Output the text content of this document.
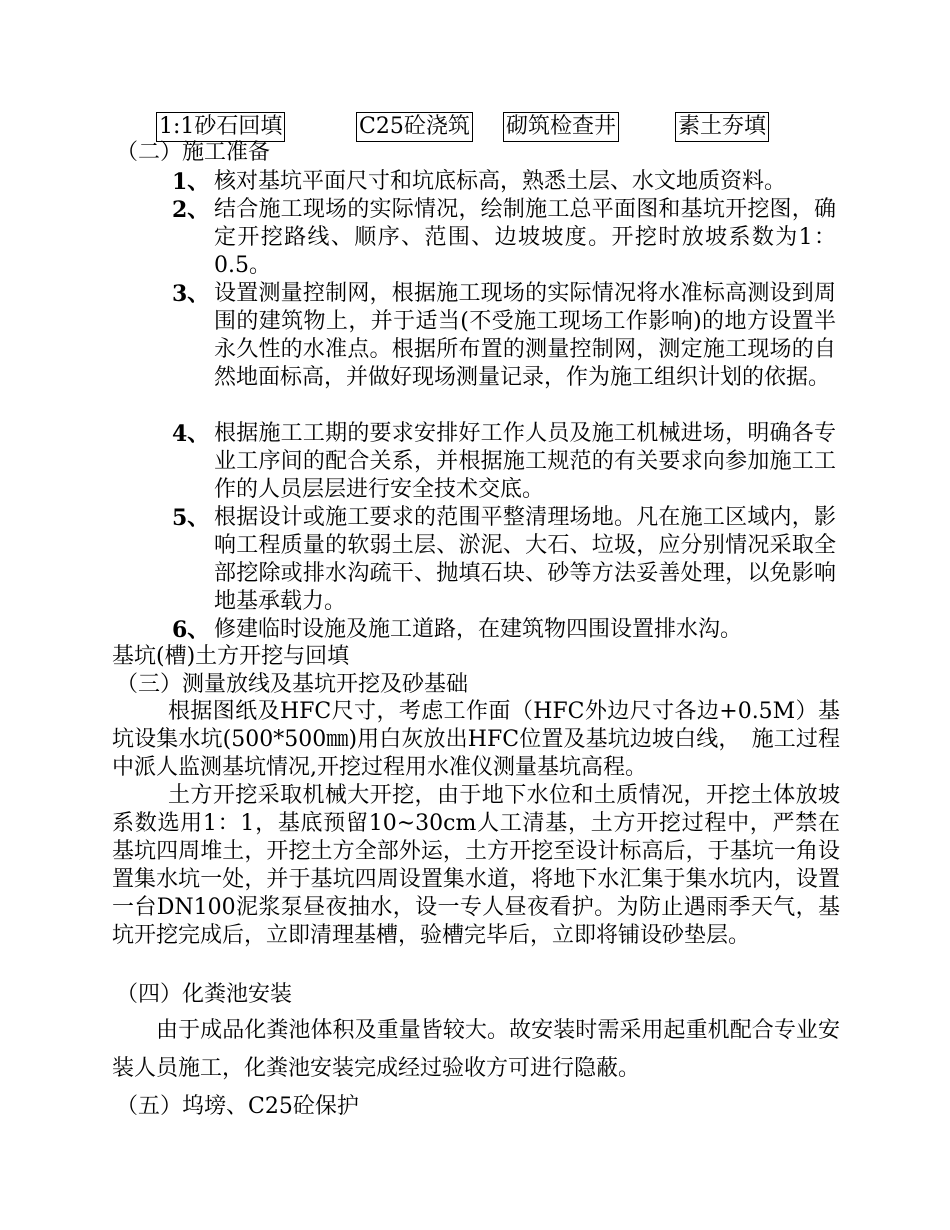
1:1砂石回填	C25砼浇筑 砌筑检查井	素土夯填
（二）施工准备
1、 核对基坑平面尺寸和坑底标高，熟悉土层、水文地质资料。
2、 结合施工现场的实际情况，绘制施工总平面图和基坑开挖图，确定开挖路线、顺序、范围、边坡坡度。开挖时放坡系数为1：0.5。
3、 设置测量控制网，根据施工现场的实际情况将水准标高测设到周围的建筑物上，并于适当(不受施工现场工作影响)的地方设置半永久性的水准点。根据所布置的测量控制网，测定施工现场的自然地面标高，并做好现场测量记录，作为施工组织计划的依据。
4、 根据施工工期的要求安排好工作人员及施工机械进场，明确各专业工序间的配合关系，并根据施工规范的有关要求向参加施工工作的人员层层进行安全技术交底。
5、 根据设计或施工要求的范围平整清理场地。凡在施工区域内，影响工程质量的软弱土层、淤泥、大石、垃圾，应分别情况采取全部挖除或排水沟疏干、抛填石块、砂等方法妥善处理，以免影响地基承载力。
6、 修建临时设施及施工道路，在建筑物四围设置排水沟。
基坑(槽)土方开挖与回填
（三）测量放线及基坑开挖及砂基础
根据图纸及HFC尺寸，考虑工作面（HFC外边尺寸各边+0.5M）基坑设集水坑(500*500㎜)用白灰放出HFC位置及基坑边坡白线，　施工过程中派人监测基坑情况,开挖过程用水准仪测量基坑高程。
土方开挖采取机械大开挖，由于地下水位和土质情况，开挖土体放坡系数选用1：1，基底预留10~30cm人工清基，土方开挖过程中，严禁在基坑四周堆土，开挖土方全部外运，土方开挖至设计标高后，于基坑一角设置集水坑一处，并于基坑四周设置集水道，将地下水汇集于集水坑内，设置一台DN100泥浆泵昼夜抽水，设一专人昼夜看护。为防止遇雨季天气，基坑开挖完成后，立即清理基槽，验槽完毕后，立即将铺设砂垫层。
（四）化粪池安装
由于成品化粪池体积及重量皆较大。故安装时需采用起重机配合专业安装人员施工，化粪池安装完成经过验收方可进行隐蔽。
（五）坞塝、C25砼保护
